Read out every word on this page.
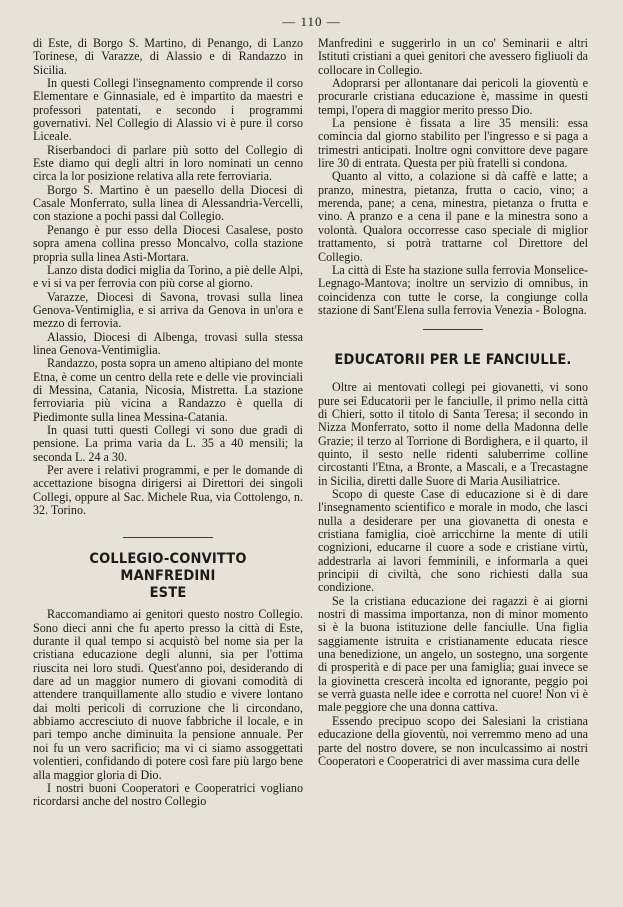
— 110 —

di Este, di Borgo S. Martino, di Penango, di Lanzo Torinese, di Varazze, di Alassio e di Randazzo in Sicilia.

In questi Collegi l'insegnamento comprende il corso Elementare e Ginnasiale, ed è impartito da maestri e professori patentati, e secondo i programmi governativi. Nel Collegio di Alassio vi è pure il corso Liceale.

Riserbandoci di parlare più sotto del Collegio di Este diamo qui degli altri in loro nominati un cenno circa la lor posizione relativa alla rete ferroviaria.

Borgo S. Martino è un paesello della Diocesi di Casale Monferrato, sulla linea di Alessandria-Vercelli, con stazione a pochi passi dal Collegio.

Penango è pur esso della Diocesi Casalese, posto sopra amena collina presso Moncalvo, colla stazione propria sulla linea Asti-Mortara.

Lanzo dista dodici miglia da Torino, a piè delle Alpi, e vi si va per ferrovia con più corse al giorno.

Varazze, Diocesi di Savona, trovasi sulla linea Genova-Ventimiglia, e si arriva da Genova in un'ora e mezzo di ferrovia.

Alassio, Diocesi di Albenga, trovasi sulla stessa linea Genova-Ventimiglia.

Randazzo, posta sopra un ameno altipiano del monte Etna, è come un centro della rete e delle vie provinciali di Messina, Catania, Nicosia, Mistretta. La stazione ferroviaria più vicina a Randazzo è quella di Piedimonte sulla linea Messina-Catania.

In quasi tutti questi Collegi vi sono due gradi di pensione. La prima varia da L. 35 a 40 mensili; la seconda L. 24 a 30.

Per avere i relativi programmi, e per le domande di accettazione bisogna dirigersi ai Direttori dei singoli Collegi, oppure al Sac. Michele Rua, via Cottolengo, n. 32. Torino.

COLLEGIO-CONVITTO MANFREDINI
ESTE

Raccomandiamo ai genitori questo nostro Collegio. Sono dieci anni che fu aperto presso la città di Este, durante il qual tempo si acquistò bel nome sia per la cristiana educazione degli alunni, sia per l'ottima riuscita nei loro studi. Quest'anno poi, desiderando di dare ad un maggior numero di giovani comodità di attendere tranquillamente allo studio e vivere lontano dai molti pericoli di corruzione che li circondano, abbiamo accresciuto di nuove fabbriche il locale, e in pari tempo anche diminuita la pensione annuale. Per noi fu un vero sacrificio; ma vi ci siamo assoggettati volentieri, confidando di potere così fare più largo bene alla maggior gloria di Dio.

I nostri buoni Cooperatori e Cooperatrici vogliano ricordarsi anche del nostro Collegio

Manfredini e suggerirlo in un co' Seminarii e altri Istituti cristiani a quei genitori che avessero figliuoli da collocare in Collegio.

Adoprarsi per allontanare dai pericoli la gioventù e procurarle cristiana educazione è, massime in questi tempi, l'opera di maggior merito presso Dio.

La pensione è fissata a lire 35 mensili: essa comincia dal giorno stabilito per l'ingresso e si paga a trimestri anticipati. Inoltre ogni convittore deve pagare lire 30 di entrata. Questa per più fratelli si condona.

Quanto al vitto, a colazione si dà caffè e latte; a pranzo, minestra, pietanza, frutta o cacio, vino; a merenda, pane; a cena, minestra, pietanza o frutta e vino. A pranzo e a cena il pane e la minestra sono a volontà. Qualora occorresse caso speciale di miglior trattamento, si potrà trattarne col Direttore del Collegio.

La città di Este ha stazione sulla ferrovia Monselice-Legnago-Mantova; inoltre un servizio di omnibus, in coincidenza con tutte le corse, la congiunge colla stazione di Sant'Elena sulla ferrovia Venezia - Bologna.

EDUCATORII PER LE FANCIULLE.

Oltre ai mentovati collegi pei giovanetti, vi sono pure sei Educatorii per le fanciulle, il primo nella città di Chieri, sotto il titolo di Santa Teresa; il secondo in Nizza Monferrato, sotto il nome della Madonna delle Grazie; il terzo al Torrione di Bordighera, e il quarto, il quinto, il sesto nelle ridenti saluberrime colline circostanti l'Etna, a Bronte, a Mascali, e a Trecastagne in Sicilia, diretti dalle Suore di Maria Ausiliatrice.

Scopo di queste Case di educazione si è di dare l'insegnamento scientifico e morale in modo, che lasci nulla a desiderare per una giovanetta di onesta e cristiana famiglia, cioè arricchirne la mente di utili cognizioni, educarne il cuore a sode e cristiane virtù, addestrarla ai lavori femminili, e informarla a quei principii di civiltà, che sono richiesti dalla sua condizione.

Se la cristiana educazione dei ragazzi è ai giorni nostri di massima importanza, non di minor momento si è la buona istituzione delle fanciulle. Una figlia saggiamente istruita e cristianamente educata riesce una benedizione, un angelo, un sostegno, una sorgente di prosperità e di pace per una famiglia; guai invece se la giovinetta crescerà incolta ed ignorante, peggio poi se verrà guasta nelle idee e corrotta nel cuore! Non vi è male peggiore che una donna cattiva.

Essendo precipuo scopo dei Salesiani la cristiana educazione della gioventù, noi verremmo meno ad una parte del nostro dovere, se non inculcassimo ai nostri Cooperatori e Cooperatrici di aver massima cura delle
